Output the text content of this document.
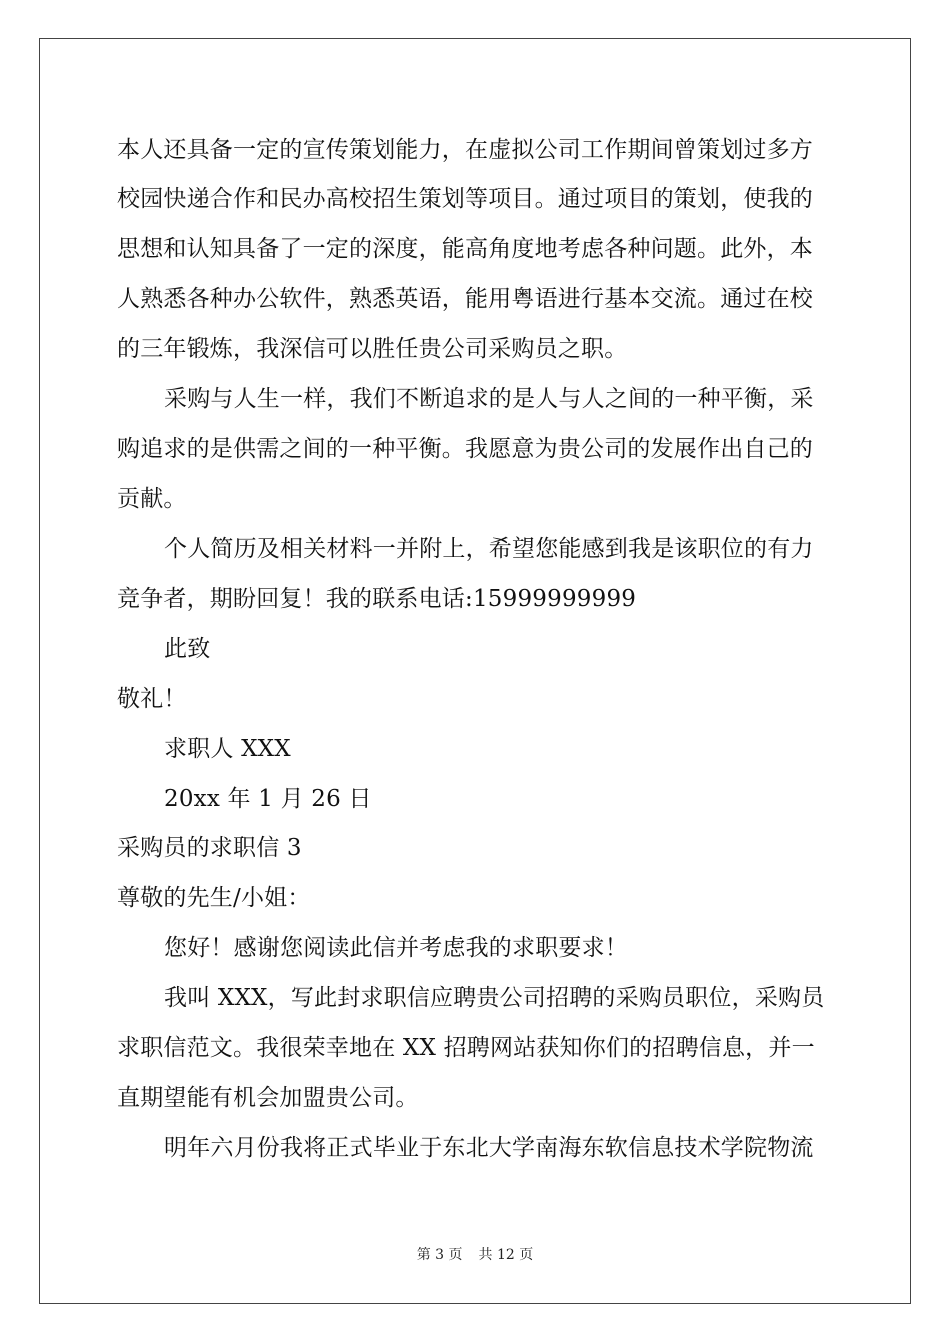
本人还具备一定的宣传策划能力，在虚拟公司工作期间曾策划过多方
校园快递合作和民办高校招生策划等项目。通过项目的策划，使我的
思想和认知具备了一定的深度，能高角度地考虑各种问题。此外，本
人熟悉各种办公软件，熟悉英语，能用粤语进行基本交流。通过在校
的三年锻炼，我深信可以胜任贵公司采购员之职。
采购与人生一样，我们不断追求的是人与人之间的一种平衡，采
购追求的是供需之间的一种平衡。我愿意为贵公司的发展作出自己的
贡献。
个人简历及相关材料一并附上，希望您能感到我是该职位的有力
竞争者，期盼回复！我的联系电话:15999999999
此致
敬礼！
求职人 XXX
20xx 年 1 月 26 日
采购员的求职信 3
尊敬的先生/小姐：
您好！感谢您阅读此信并考虑我的求职要求！
我叫 XXX，写此封求职信应聘贵公司招聘的采购员职位，采购员
求职信范文。我很荣幸地在 XX 招聘网站获知你们的招聘信息，并一
直期望能有机会加盟贵公司。
明年六月份我将正式毕业于东北大学南海东软信息技术学院物流
第 3 页 共 12 页
